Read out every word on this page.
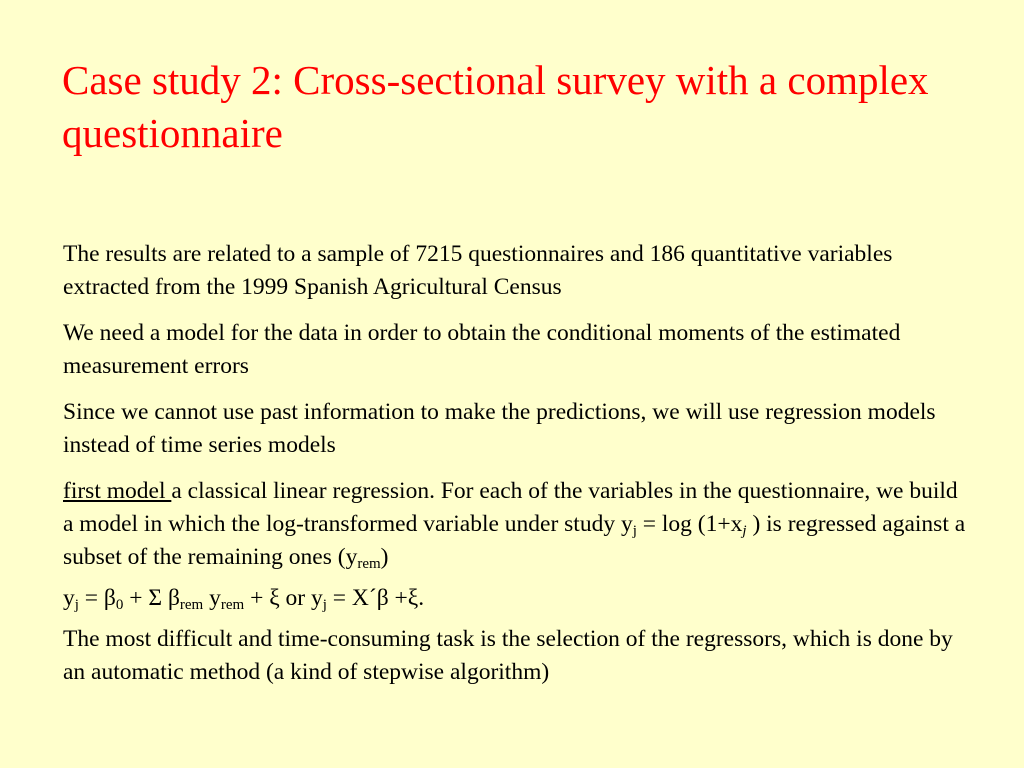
Case study 2: Cross-sectional survey with a complex questionnaire

The results are related to a sample of 7215 questionnaires and 186 quantitative variables extracted from the 1999 Spanish Agricultural Census

We need a model for the data in order to obtain the conditional moments of the estimated measurement errors

Since we cannot use past information to make the predictions, we will use regression models instead of time series models

first model a classical linear regression. For each of the variables in the questionnaire, we build a model in which the log-transformed variable under study $y_j = \log (1+x_j$ ) is regressed against a subset of the remaining ones $(y_{rem})$

$y_j = \beta_0 + \Sigma$ $\beta_{rem}$ $y_{rem} + \xi$ or $y_j$ = X´β +ξ.

The most difficult and time-consuming task is the selection of the regressors, which is done by an automatic method (a kind of stepwise algorithm)
